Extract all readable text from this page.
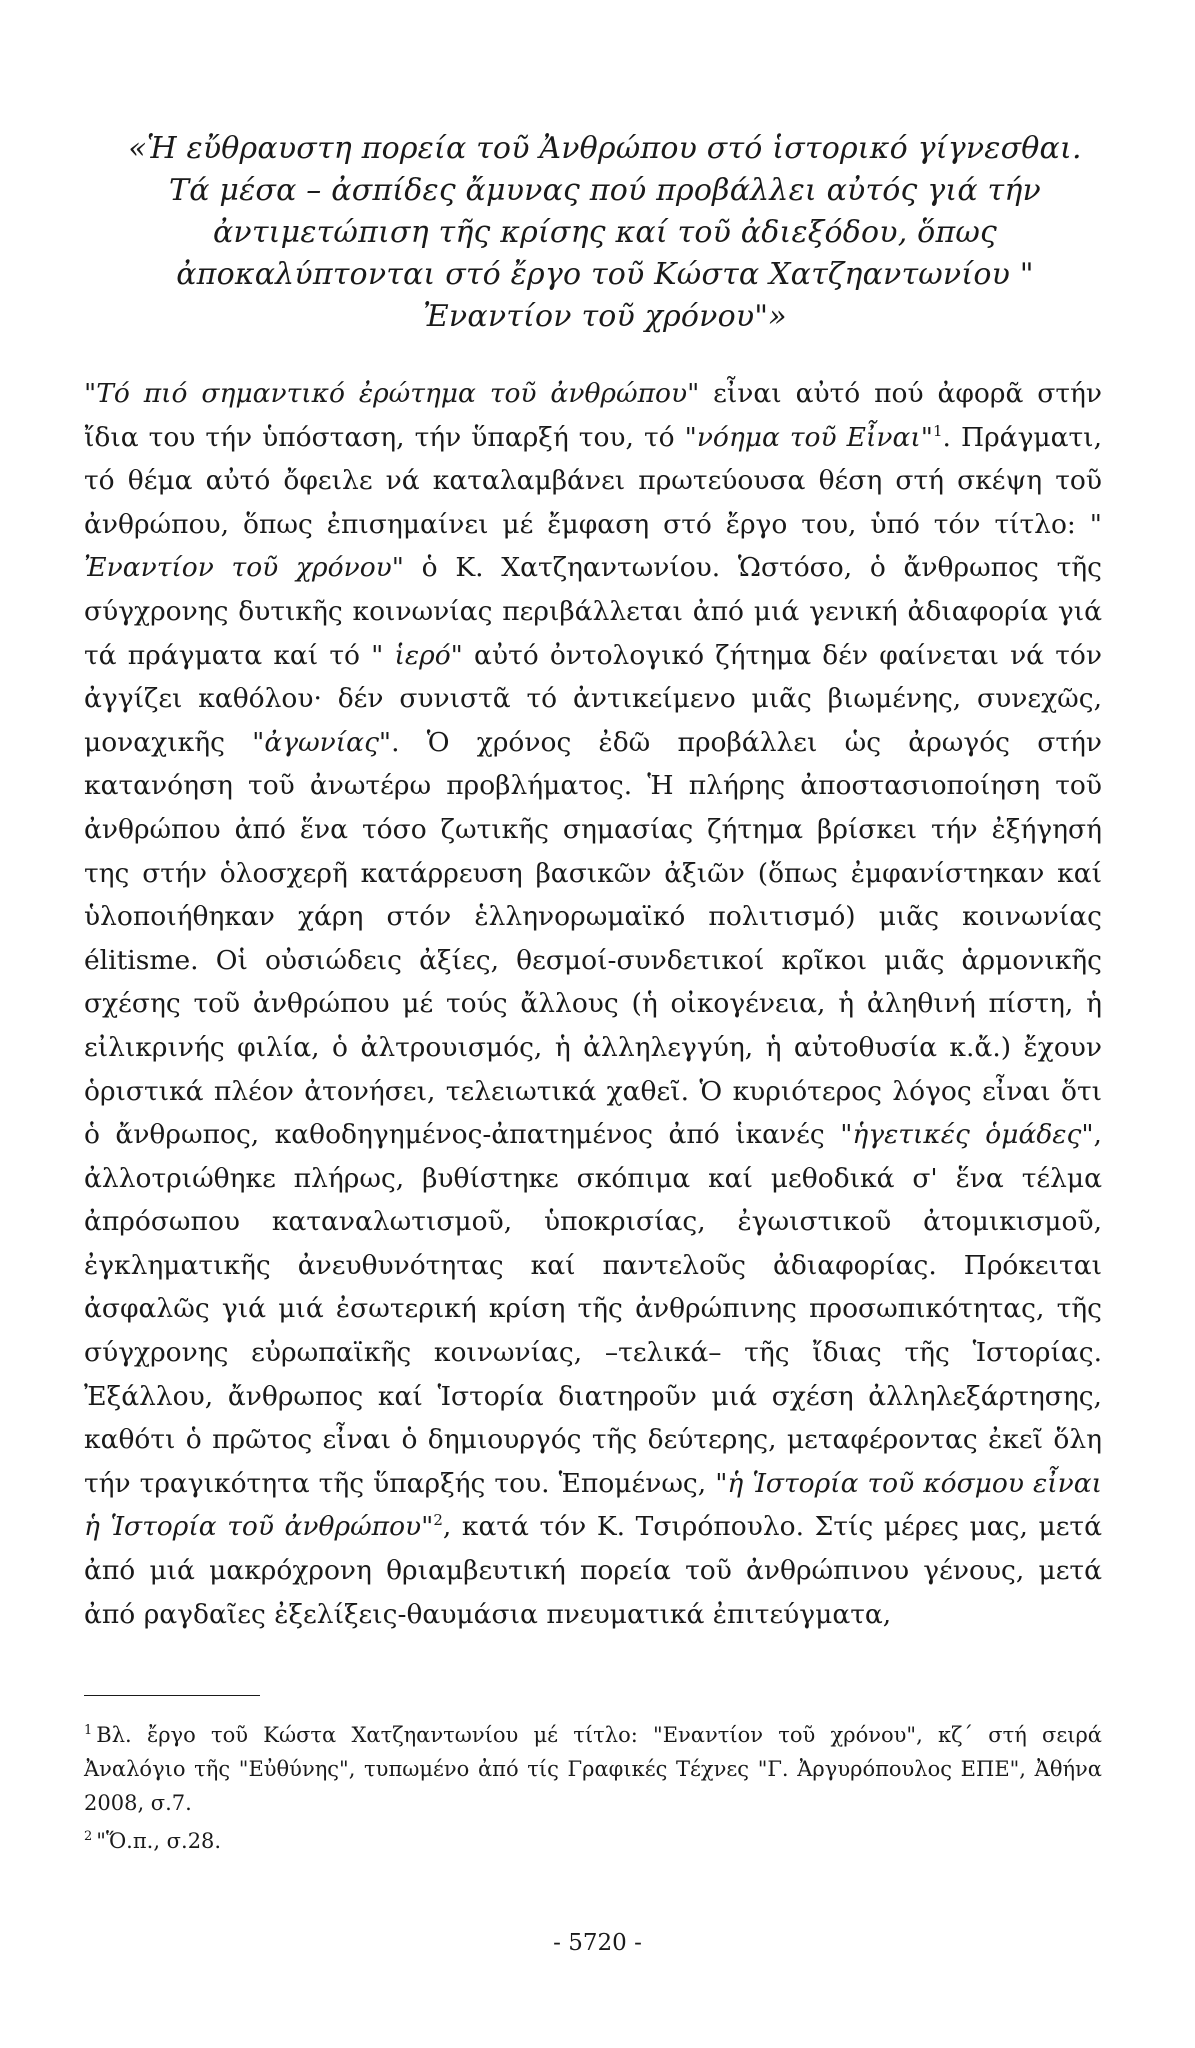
«Ἡ εὔθραυστη πορεία τοῦ Ἀνθρώπου στό ἱστορικό γίγνεσθαι. Τά μέσα – ἀσπίδες ἄμυνας πού προβάλλει αὐτός γιά τήν ἀντιμετώπιση τῆς κρίσης καί τοῦ ἀδιεξόδου, ὅπως ἀποκαλύπτονται στό ἔργο τοῦ Κώστα Χατζηαντωνίου " Ἐναντίον τοῦ χρόνου"»

"Τό πιό σημαντικό ἐρώτημα τοῦ ἀνθρώπου" εἶναι αὐτό πού ἀφορᾶ στήν ἴδια του τήν ὑπόσταση, τήν ὕπαρξή του, τό "νόημα τοῦ Εἶναι"$^1$. Πράγματι, τό θέμα αὐτό ὄφειλε νά καταλαμβάνει πρωτεύουσα θέση στή σκέψη τοῦ ἀνθρώπου, ὅπως ἐπισημαίνει μέ ἔμφαση στό ἔργο του, ὑπό τόν τίτλο: " Ἐναντίον τοῦ χρόνου" ὁ Κ. Χατζηαντωνίου. Ὡστόσο, ὁ ἄνθρωπος τῆς σύγχρονης δυτικῆς κοινωνίας περιβάλλεται ἀπό μιά γενική ἀδιαφορία γιά τά πράγματα καί τό " ἱερό" αὐτό ὀντολογικό ζήτημα δέν φαίνεται νά τόν ἀγγίζει καθόλου· δέν συνιστᾶ τό ἀντικείμενο μιᾶς βιωμένης, συνεχῶς, μοναχικῆς "ἀγωνίας". Ὁ χρόνος ἐδῶ προβάλλει ὡς ἀρωγός στήν κατανόηση τοῦ ἀνωτέρω προβλήματος. Ἡ πλήρης ἀποστασιοποίηση τοῦ ἀνθρώπου ἀπό ἕνα τόσο ζωτικῆς σημασίας ζήτημα βρίσκει τήν ἐξήγησή της στήν ὁλοσχερῆ κατάρρευση βασικῶν ἀξιῶν (ὅπως ἐμφανίστηκαν καί ὑλοποιήθηκαν χάρη στόν ἑλληνορωμαϊκό πολιτισμό) μιᾶς κοινωνίας élitisme. Οἱ οὐσιώδεις ἀξίες, θεσμοί-συνδετικοί κρῖκοι μιᾶς ἁρμονικῆς σχέσης τοῦ ἀνθρώπου μέ τούς ἄλλους (ἡ οἰκογένεια, ἡ ἀληθινή πίστη, ἡ εἰλικρινής φιλία, ὁ ἀλτρουισμός, ἡ ἀλληλεγγύη, ἡ αὐτοθυσία κ.ἄ.) ἔχουν ὁριστικά πλέον ἀτονήσει, τελειωτικά χαθεῖ. Ὁ κυριότερος λόγος εἶναι ὅτι ὁ ἄνθρωπος, καθοδηγημένος-ἀπατημένος ἀπό ἱκανές "ἡγετικές ὁμάδες", ἀλλοτριώθηκε πλήρως, βυθίστηκε σκόπιμα καί μεθοδικά σ' ἕνα τέλμα ἀπρόσωπου καταναλωτισμοῦ, ὑποκρισίας, ἐγωιστικοῦ ἀτομικισμοῦ, ἐγκληματικῆς ἀνευθυνότητας καί παντελοῦς ἀδιαφορίας. Πρόκειται ἀσφαλῶς γιά μιά ἐσωτερική κρίση τῆς ἀνθρώπινης προσωπικότητας, τῆς σύγχρονης εὐρωπαϊκῆς κοινωνίας, –τελικά– τῆς ἴδιας τῆς Ἱστορίας. Ἐξάλλου, ἄνθρωπος καί Ἱστορία διατηροῦν μιά σχέση ἀλληλεξάρτησης, καθότι ὁ πρῶτος εἶναι ὁ δημιουργός τῆς δεύτερης, μεταφέροντας ἐκεῖ ὅλη τήν τραγικότητα τῆς ὕπαρξής του. Ἑπομένως, "ἡ Ἱστορία τοῦ κόσμου εἶναι ἡ Ἱστορία τοῦ ἀνθρώπου"$^2$, κατά τόν Κ. Τσιρόπουλο. Στίς μέρες μας, μετά ἀπό μιά μακρόχρονη θριαμβευτική πορεία τοῦ ἀνθρώπινου γένους, μετά ἀπό ραγδαῖες ἐξελίξεις-θαυμάσια πνευματικά ἐπιτεύγματα,

$^1$ Βλ. ἔργο τοῦ Κώστα Χατζηαντωνίου μέ τίτλο: "Εναντίον τοῦ χρόνου", κζ΄ στή σειρά Ἀναλόγιο τῆς "Εὐθύνης", τυπωμένο ἀπό τίς Γραφικές Τέχνες "Γ. Ἀργυρόπουλος ΕΠΕ", Ἀθήνα 2008, σ.7.

$^2$ "Ὅ.π., σ.28.

- 5720 -
